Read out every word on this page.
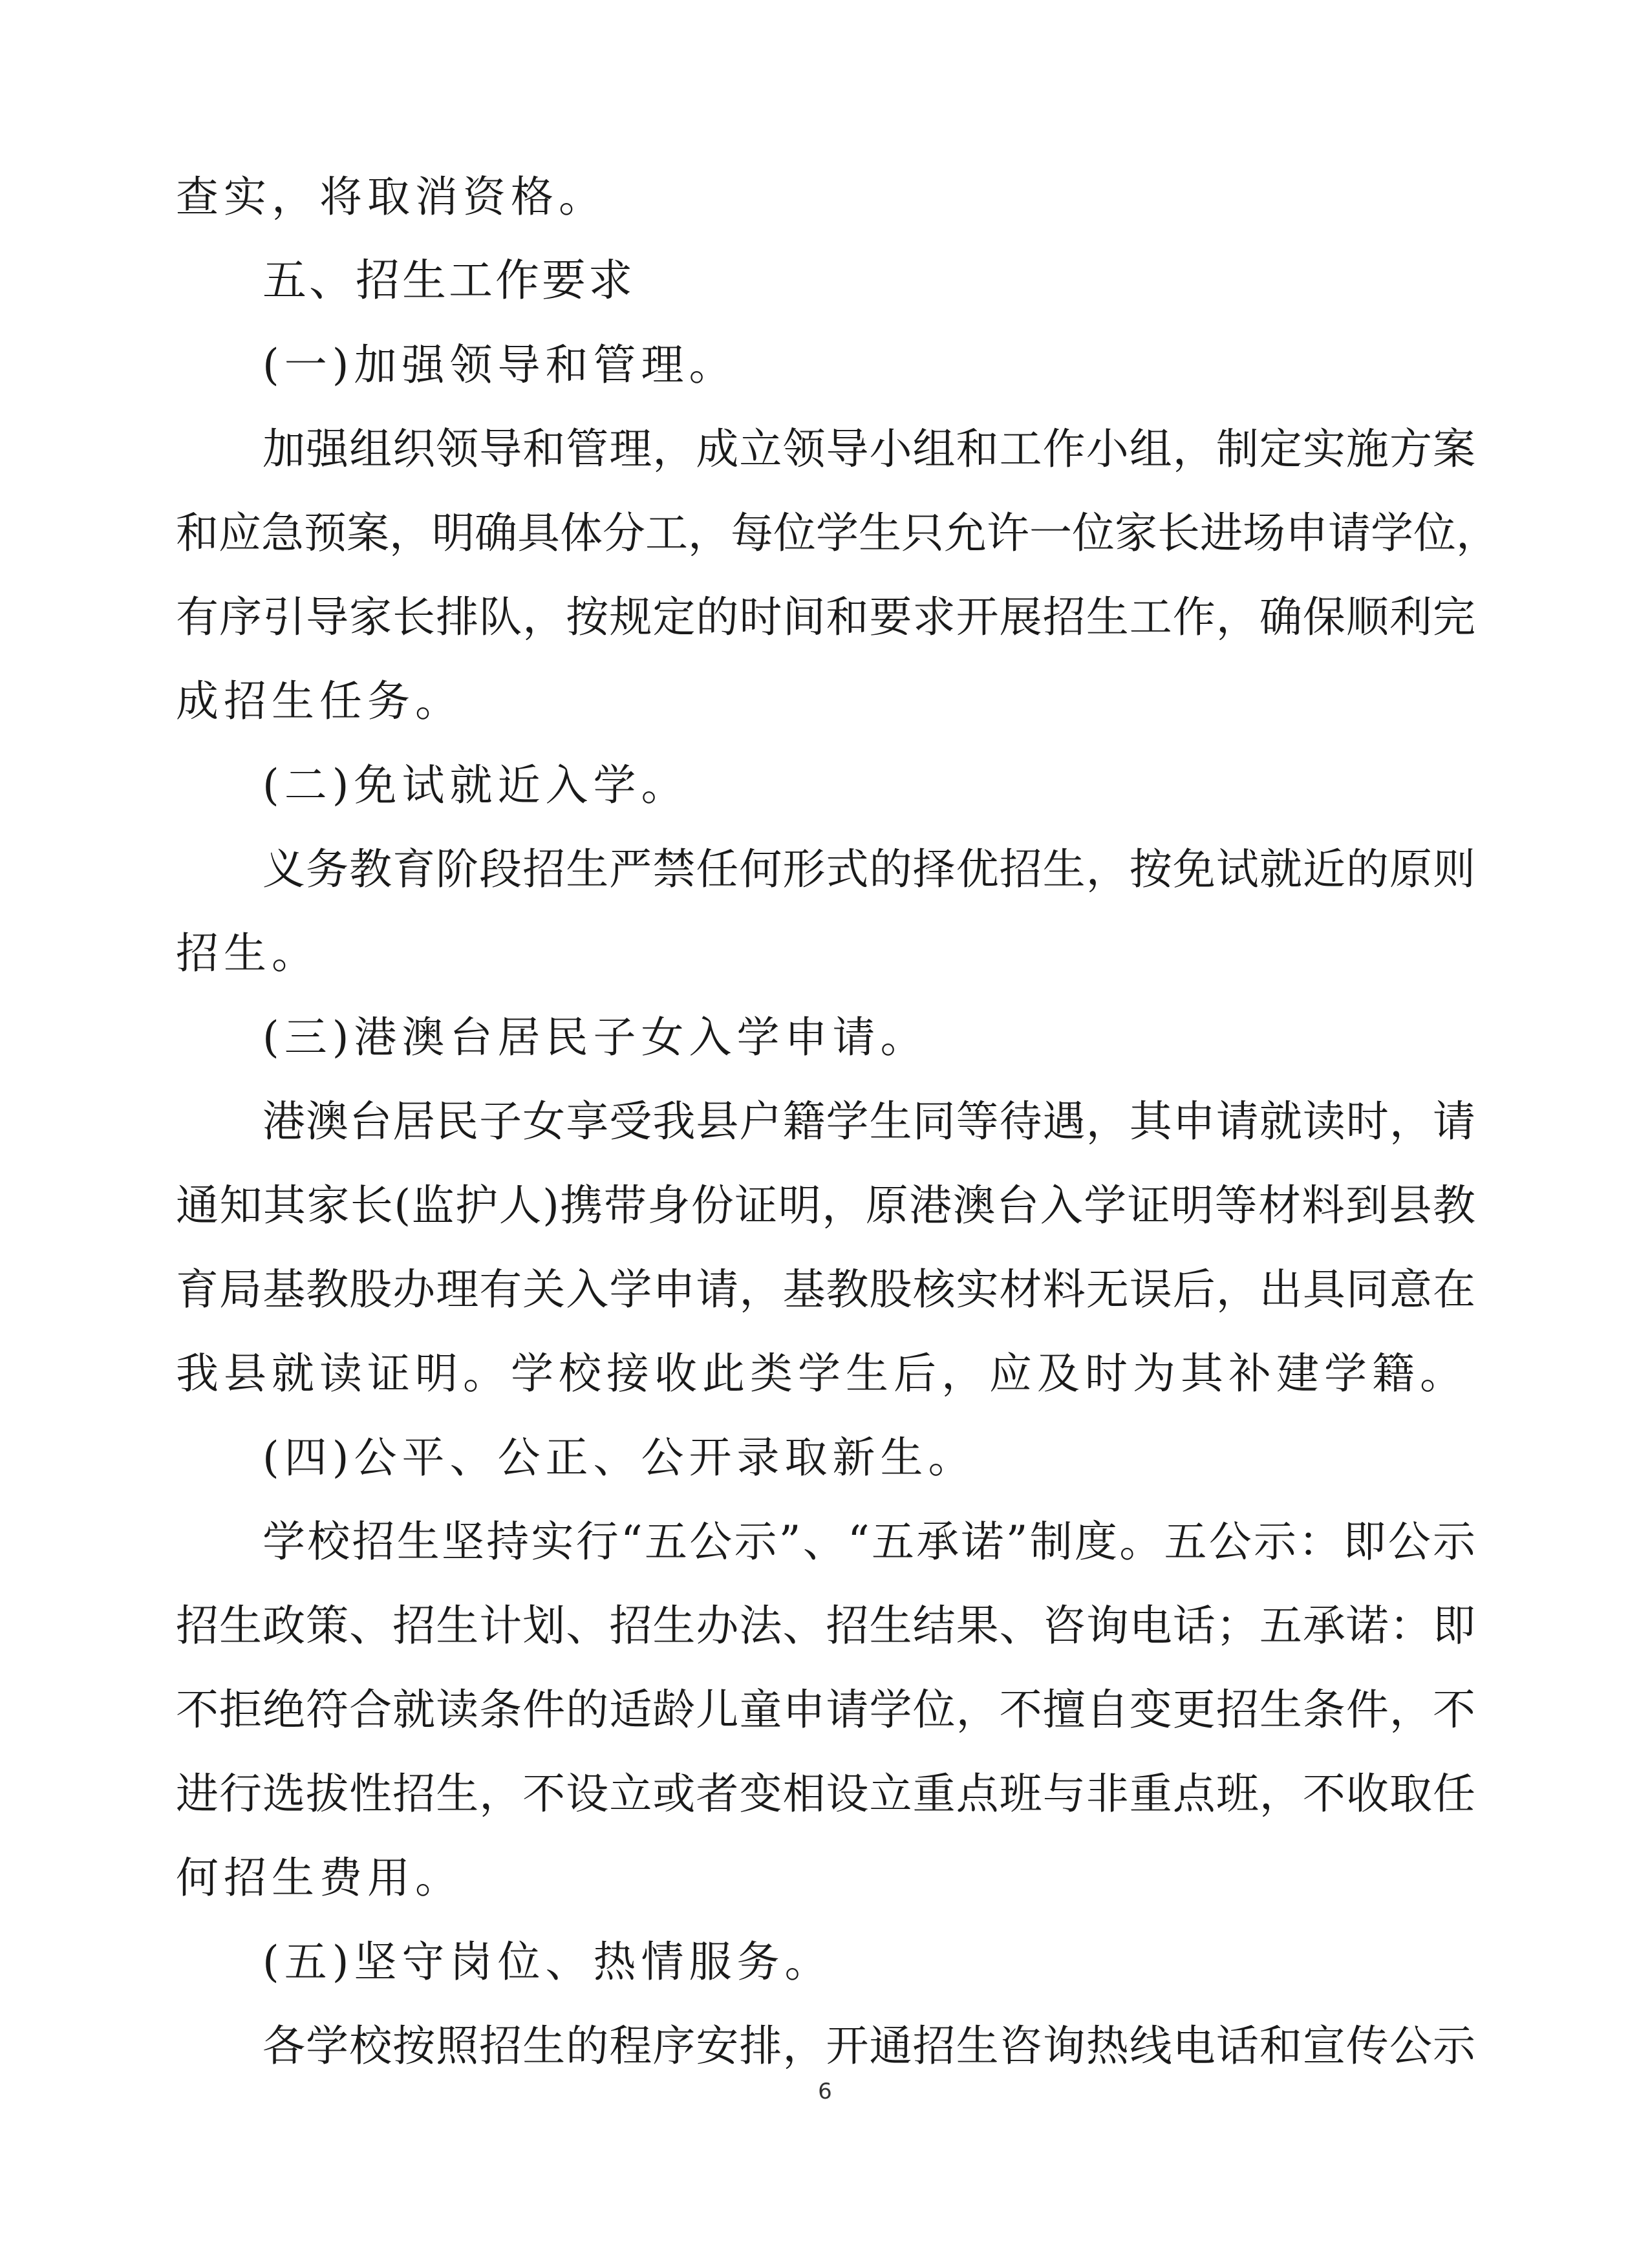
查实，将取消资格。
五、招生工作要求
(一)加强领导和管理。
加强组织领导和管理，成立领导小组和工作小组，制定实施方案
和应急预案，明确具体分工，每位学生只允许一位家长进场申请学位，
有序引导家长排队，按规定的时间和要求开展招生工作，确保顺利完
成招生任务。
(二)免试就近入学。
义务教育阶段招生严禁任何形式的择优招生，按免试就近的原则
招生。
(三)港澳台居民子女入学申请。
港澳台居民子女享受我县户籍学生同等待遇，其申请就读时，请
通知其家长(监护人)携带身份证明，原港澳台入学证明等材料到县教
育局基教股办理有关入学申请，基教股核实材料无误后，出具同意在
我县就读证明。学校接收此类学生后，应及时为其补建学籍。
(四)公平、公正、公开录取新生。
学校招生坚持实行“五公示”、“五承诺”制度。五公示：即公示
招生政策、招生计划、招生办法、招生结果、咨询电话；五承诺：即
不拒绝符合就读条件的适龄儿童申请学位，不擅自变更招生条件，不
进行选拔性招生，不设立或者变相设立重点班与非重点班，不收取任
何招生费用。
(五)坚守岗位、热情服务。
各学校按照招生的程序安排，开通招生咨询热线电话和宣传公示
6
